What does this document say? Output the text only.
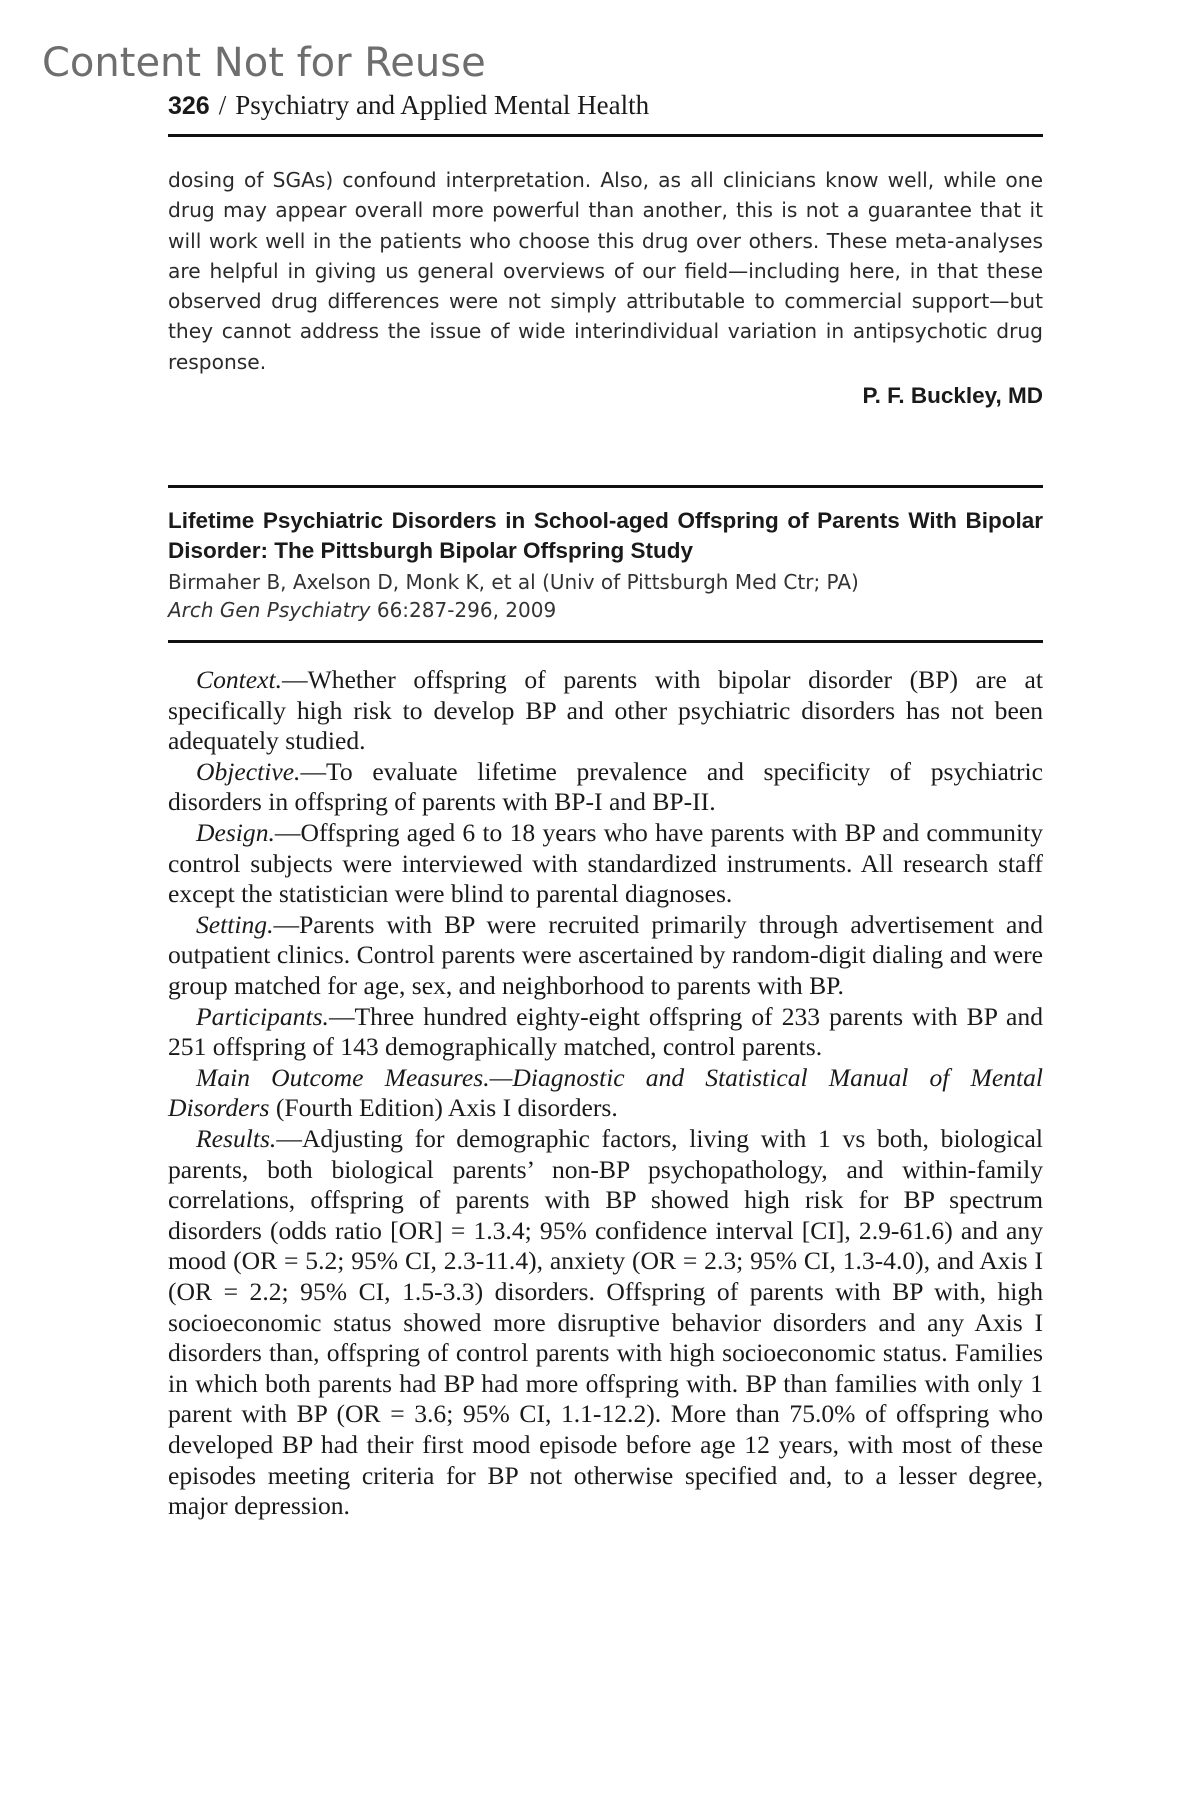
Content Not for Reuse
326 / Psychiatry and Applied Mental Health
dosing of SGAs) confound interpretation. Also, as all clinicians know well, while one drug may appear overall more powerful than another, this is not a guarantee that it will work well in the patients who choose this drug over others. These meta-analyses are helpful in giving us general overviews of our field—including here, in that these observed drug differences were not simply attributable to commercial support—but they cannot address the issue of wide interindividual variation in antipsychotic drug response.
P. F. Buckley, MD
Lifetime Psychiatric Disorders in School-aged Offspring of Parents With Bipolar Disorder: The Pittsburgh Bipolar Offspring Study
Birmaher B, Axelson D, Monk K, et al (Univ of Pittsburgh Med Ctr; PA)
Arch Gen Psychiatry 66:287-296, 2009

Context.—Whether offspring of parents with bipolar disorder (BP) are at specifically high risk to develop BP and other psychiatric disorders has not been adequately studied.

Objective.—To evaluate lifetime prevalence and specificity of psychiatric disorders in offspring of parents with BP-I and BP-II.

Design.—Offspring aged 6 to 18 years who have parents with BP and community control subjects were interviewed with standardized instruments. All research staff except the statistician were blind to parental diagnoses.

Setting.—Parents with BP were recruited primarily through advertisement and outpatient clinics. Control parents were ascertained by random-digit dialing and were group matched for age, sex, and neighborhood to parents with BP.

Participants.—Three hundred eighty-eight offspring of 233 parents with BP and 251 offspring of 143 demographically matched, control parents.

Main Outcome Measures.—Diagnostic and Statistical Manual of Mental Disorders (Fourth Edition) Axis I disorders.

Results.—Adjusting for demographic factors, living with 1 vs both, biological parents, both biological parents’ non-BP psychopathology, and within-family correlations, offspring of parents with BP showed high risk for BP spectrum disorders (odds ratio [OR] = 1.3.4; 95% confidence interval [CI], 2.9-61.6) and any mood (OR = 5.2; 95% CI, 2.3-11.4), anxiety (OR = 2.3; 95% CI, 1.3-4.0), and Axis I (OR = 2.2; 95% CI, 1.5-3.3) disorders. Offspring of parents with BP with, high socioeconomic status showed more disruptive behavior disorders and any Axis I disorders than, offspring of control parents with high socioeconomic status. Families in which both parents had BP had more offspring with. BP than families with only 1 parent with BP (OR = 3.6; 95% CI, 1.1-12.2). More than 75.0% of offspring who developed BP had their first mood episode before age 12 years, with most of these episodes meeting criteria for BP not otherwise specified and, to a lesser degree, major depression.
